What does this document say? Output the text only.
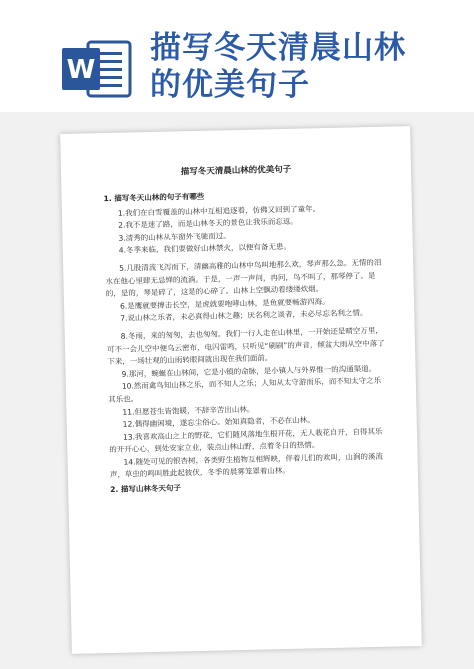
W
描写冬天清晨山林
的优美句子
描写冬天清晨山林的优美句子
1. 描写冬天山林的句子有哪些

1.我们在白雪覆盖的山林中互相追逐着，仿佛又回到了童年。

2.我不是迷了路，而是山林冬天的景色让我乐而忘返。

3.清秀的山林从车窗外飞驰而过。

4.冬季来临，我们要做好山林禁火，以便有备无患。

5.几股清流飞泻而下，清幽高雅的山林中鸟叫地那么欢，琴声那么急。无情的泪水在他心里肆无忌惮的流淌。于是，一声一声问，冉问，鸟不叫了，那琴停了。是的，是的，琴是碎了，这是的心碎了。山林上空飘动着缕缕炊烟。

6.是鹰就要搏击长空，是虎就要咆哮山林，是鱼就要畅游四海。

7.说山林之乐者，未必真得山林之趣；厌名利之谈者，未必尽忘名利之情。

8.冬雨，来的匆匆，去也匆匆。我们一行人走在山林里，一开始还是晴空万里，可不一会儿空中便乌云密布，电闪雷鸣，只听见“刷刷”的声音，倾盆大雨从空中落了下来，一场壮观的山雨转眼间就出现在我们面前。

9.那河，蜿蜒在山林间，它是小镇的命脉，是小镇人与外界惟一的沟通渠道。

10.然而禽鸟知山林之乐，而不知人之乐；人知从太守游而乐，而不知太守之乐其乐也。

11.但愿苍生皆饱暖，不辞辛苦出山林。

12.偶得幽闲境，遂忘尘俗心。始知真隐者，不必在山林。

13.我喜欢高山之上的野花，它们随风落地生根开花，无人栽花自开，自得其乐的开开心心，到处安家立业，装点山林山野，点着冬日的热情。

14.随处可见的银杏树，各类野生植物互相辉映，伴着儿们的欢叫，山涧的溪流声，草虫的鸣叫胜此起彼伏，冬季的晨雾笼罩着山林。

2. 描写山林冬天句子
